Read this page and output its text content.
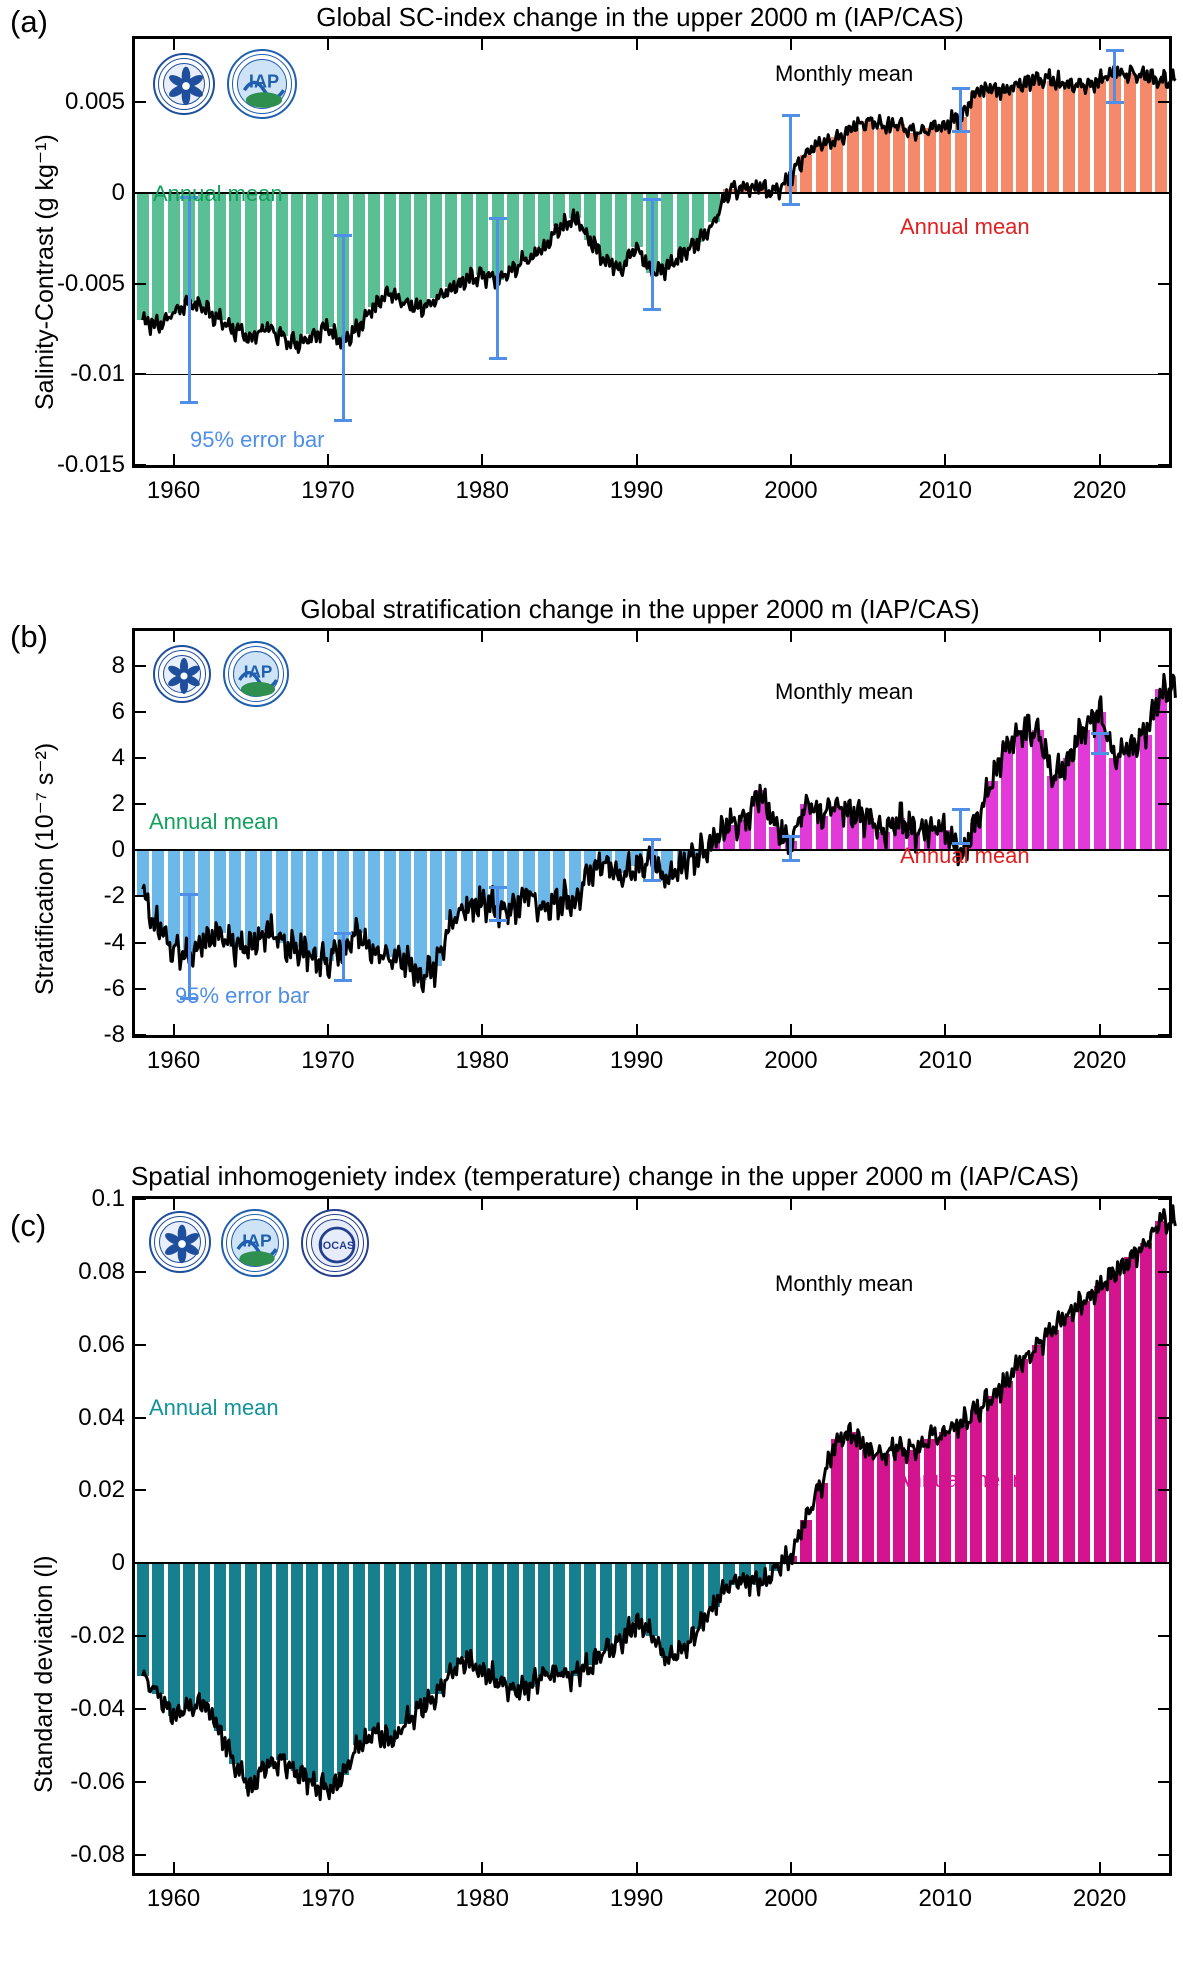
(a)	Global SC-index change in the upper 2000 m (IAP/CAS)
Salinity-Contrast (g kg⁻¹)
-0.015
-0.01
-0.005
0
0.005
1960	1970	1980	1990	2000	2010	2020
Monthly mean
Annual mean
Annual mean
95% error bar
IAP
(b)
Global stratification change in the upper 2000 m (IAP/CAS)
Stratification (10⁻⁷ s⁻²)
-8
-6
-4
-2
0
2
4
6
8
1960	1970	1980	1990	2000	2010	2020
Monthly mean
Annual mean
Annual mean
95% error bar
IAP
(c)
Spatial inhomogeniety index (temperature) change in the upper 2000 m (IAP/CAS)
Standard deviation (l)
-0.08
-0.06
-0.04
-0.02
0
0.02
0.04
0.06
0.08
0.1
1960	1970	1980	1990	2000	2010	2020
Monthly mean
Annual mean
Annual mean
IAP	IOCAS
